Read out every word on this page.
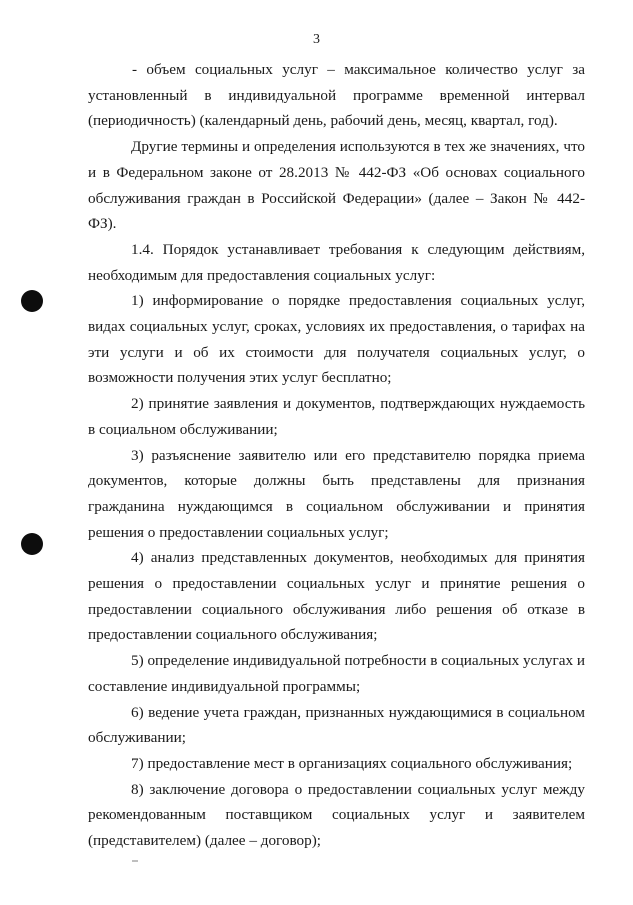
3

- объем социальных услуг – максимальное количество услуг за установленный в индивидуальной программе временной интервал (периодичность) (календарный день, рабочий день, месяц, квартал, год).

Другие термины и определения используются в тех же значениях, что и в Федеральном законе от 28.2013 № 442-ФЗ «Об основах социального обслуживания граждан в Российской Федерации» (далее – Закон № 442-ФЗ).

1.4. Порядок устанавливает требования к следующим действиям, необходимым для предоставления социальных услуг:

1) информирование о порядке предоставления социальных услуг, видах социальных услуг, сроках, условиях их предоставления, о тарифах на эти услуги и об их стоимости для получателя социальных услуг, о возможности получения этих услуг бесплатно;

2) принятие заявления и документов, подтверждающих нуждаемость в социальном обслуживании;

3) разъяснение заявителю или его представителю порядка приема документов, которые должны быть представлены для признания гражданина нуждающимся в социальном обслуживании и принятия решения о предоставлении социальных услуг;

4) анализ представленных документов, необходимых для принятия решения о предоставлении социальных услуг и принятие решения о предоставлении социального обслуживания либо решения об отказе в предоставлении социального обслуживания;

5) определение индивидуальной потребности в социальных услугах и составление индивидуальной программы;

6) ведение учета граждан, признанных нуждающимися в социальном обслуживании;

7) предоставление мест в организациях социального обслуживания;

8) заключение договора о предоставлении социальных услуг между рекомендованным поставщиком социальных услуг и заявителем (представителем) (далее – договор);
